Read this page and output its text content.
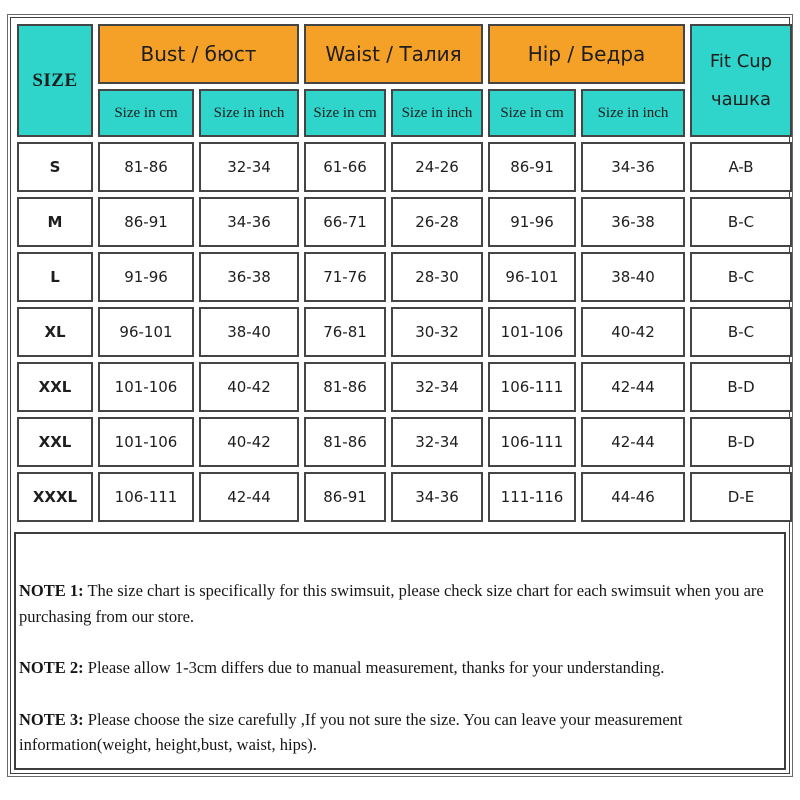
SIZE	Bust / бюст		Waist / Талия		Hip / Бедра		Fit Cup
чашка

	Size in cm	Size in inch	Size in cm	Size in inch	Size in cm	Size in inch	
S	81-86	32-34	61-66	24-26	86-91	34-36	A-B
M	86-91	34-36	66-71	26-28	91-96	36-38	B-C
L	91-96	36-38	71-76	28-30	96-101	38-40	B-C
XL	96-101	38-40	76-81	30-32	101-106	40-42	B-C
XXL	101-106	40-42	81-86	32-34	106-111	42-44	B-D
XXL	101-106	40-42	81-86	32-34	106-111	42-44	B-D
XXXL	106-111	42-44	86-91	34-36	111-116	44-46	D-E

NOTE 1: The size chart is specifically for this swimsuit, please check size chart for each swimsuit when you are purchasing from our store.

NOTE 2: Please allow 1-3cm differs due to manual measurement, thanks for your understanding.

NOTE 3: Please choose the size carefully ,If you not sure the size. You can leave your measurement information(weight, height,bust, waist, hips).
